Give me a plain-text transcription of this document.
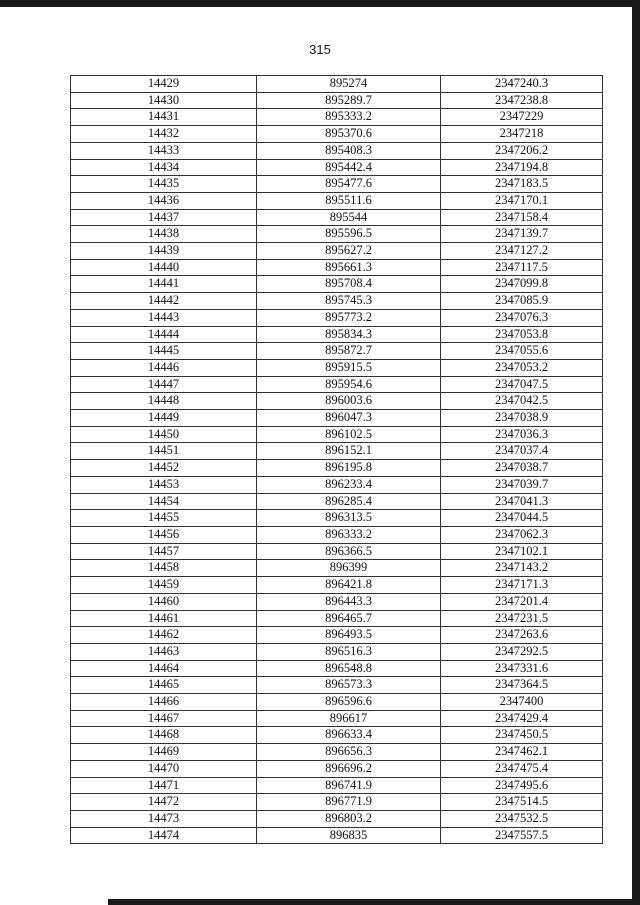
315
14429	895274	2347240.3
14430	895289.7	2347238.8
14431	895333.2	2347229
14432	895370.6	2347218
14433	895408.3	2347206.2
14434	895442.4	2347194.8
14435	895477.6	2347183.5
14436	895511.6	2347170.1
14437	895544	2347158.4
14438	895596.5	2347139.7
14439	895627.2	2347127.2
14440	895661.3	2347117.5
14441	895708.4	2347099.8
14442	895745.3	2347085.9
14443	895773.2	2347076.3
14444	895834.3	2347053.8
14445	895872.7	2347055.6
14446	895915.5	2347053.2
14447	895954.6	2347047.5
14448	896003.6	2347042.5
14449	896047.3	2347038.9
14450	896102.5	2347036.3
14451	896152.1	2347037.4
14452	896195.8	2347038.7
14453	896233.4	2347039.7
14454	896285.4	2347041.3
14455	896313.5	2347044.5
14456	896333.2	2347062.3
14457	896366.5	2347102.1
14458	896399	2347143.2
14459	896421.8	2347171.3
14460	896443.3	2347201.4
14461	896465.7	2347231.5
14462	896493.5	2347263.6
14463	896516.3	2347292.5
14464	896548.8	2347331.6
14465	896573.3	2347364.5
14466	896596.6	2347400
14467	896617	2347429.4
14468	896633.4	2347450.5
14469	896656.3	2347462.1
14470	896696.2	2347475.4
14471	896741.9	2347495.6
14472	896771.9	2347514.5
14473	896803.2	2347532.5
14474	896835	2347557.5
